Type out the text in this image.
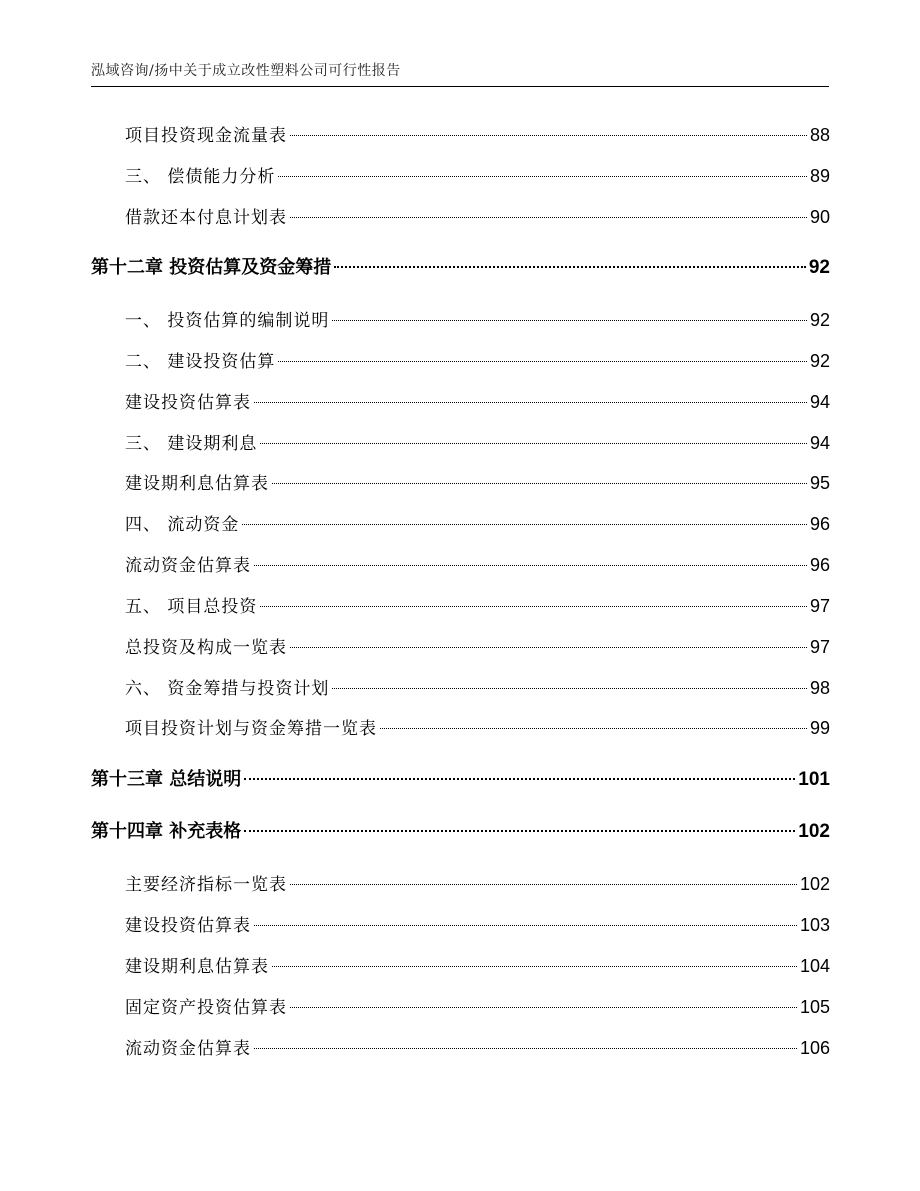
泓域咨询/扬中关于成立改性塑料公司可行性报告
项目投资现金流量表	88
三、 偿债能力分析	89
借款还本付息计划表	90
第十二章 投资估算及资金筹措	92
一、 投资估算的编制说明	92
二、 建设投资估算	92
建设投资估算表	94
三、 建设期利息	94
建设期利息估算表	95
四、 流动资金	96
流动资金估算表	96
五、 项目总投资	97
总投资及构成一览表	97
六、 资金筹措与投资计划	98
项目投资计划与资金筹措一览表	99
第十三章 总结说明	101
第十四章 补充表格	102
主要经济指标一览表	102
建设投资估算表	103
建设期利息估算表	104
固定资产投资估算表	105
流动资金估算表	106
